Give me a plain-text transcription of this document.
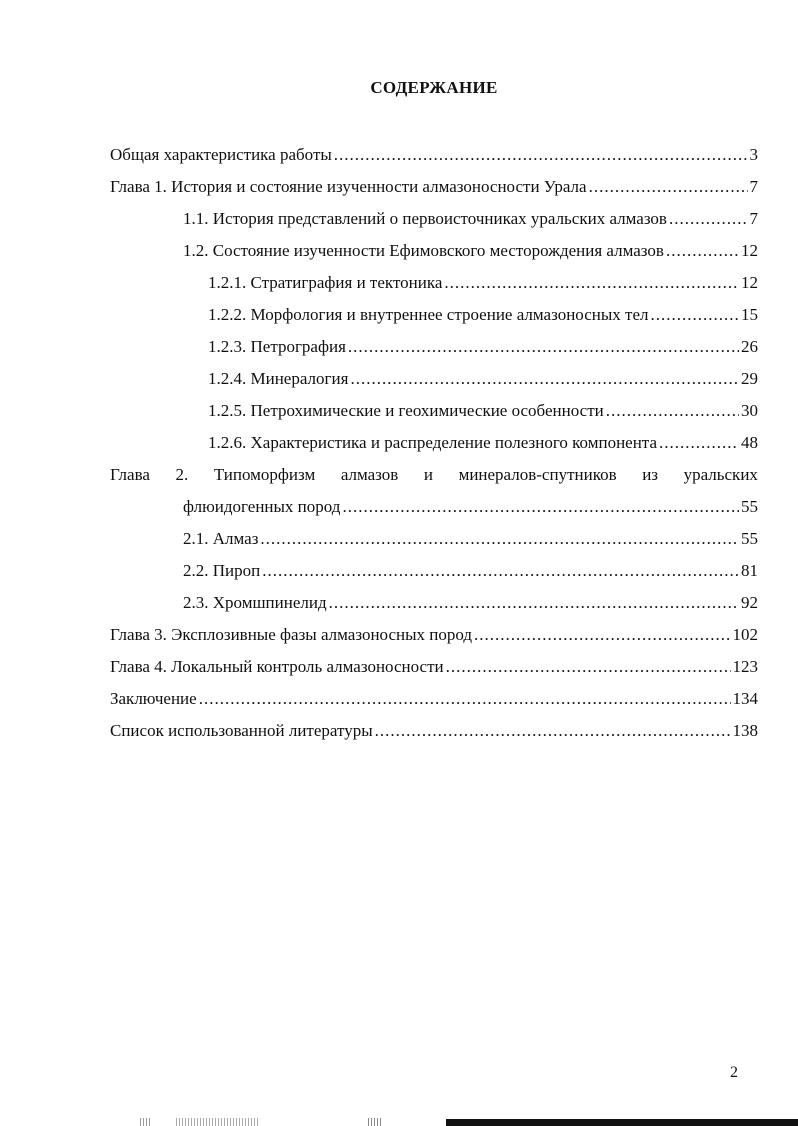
СОДЕРЖАНИЕ
Общая характеристика работы .....	3
Глава 1. История и состояние изученности алмазоносности Урала .....	7
1.1. История представлений о первоисточниках уральских алмазов .....	7
1.2. Состояние изученности Ефимовского месторождения алмазов .....	12
1.2.1. Стратиграфия и тектоника .....	12
1.2.2. Морфология и внутреннее строение алмазоносных тел .....	15
1.2.3. Петрография .....	26
1.2.4. Минералогия .....	29
1.2.5. Петрохимические и геохимические особенности .....	30
1.2.6. Характеристика и распределение полезного компонента .....	48
Глава 2. Типоморфизм алмазов и минералов-спутников из уральских
флюидогенных пород .....	55
2.1. Алмаз .....	55
2.2. Пироп .....	81
2.3. Хромшпинелид .....	92
Глава 3. Эксплозивные фазы алмазоносных пород .....	102
Глава 4. Локальный контроль алмазоносности .....	123
Заключение .....	134
Список использованной литературы .....	138
2
